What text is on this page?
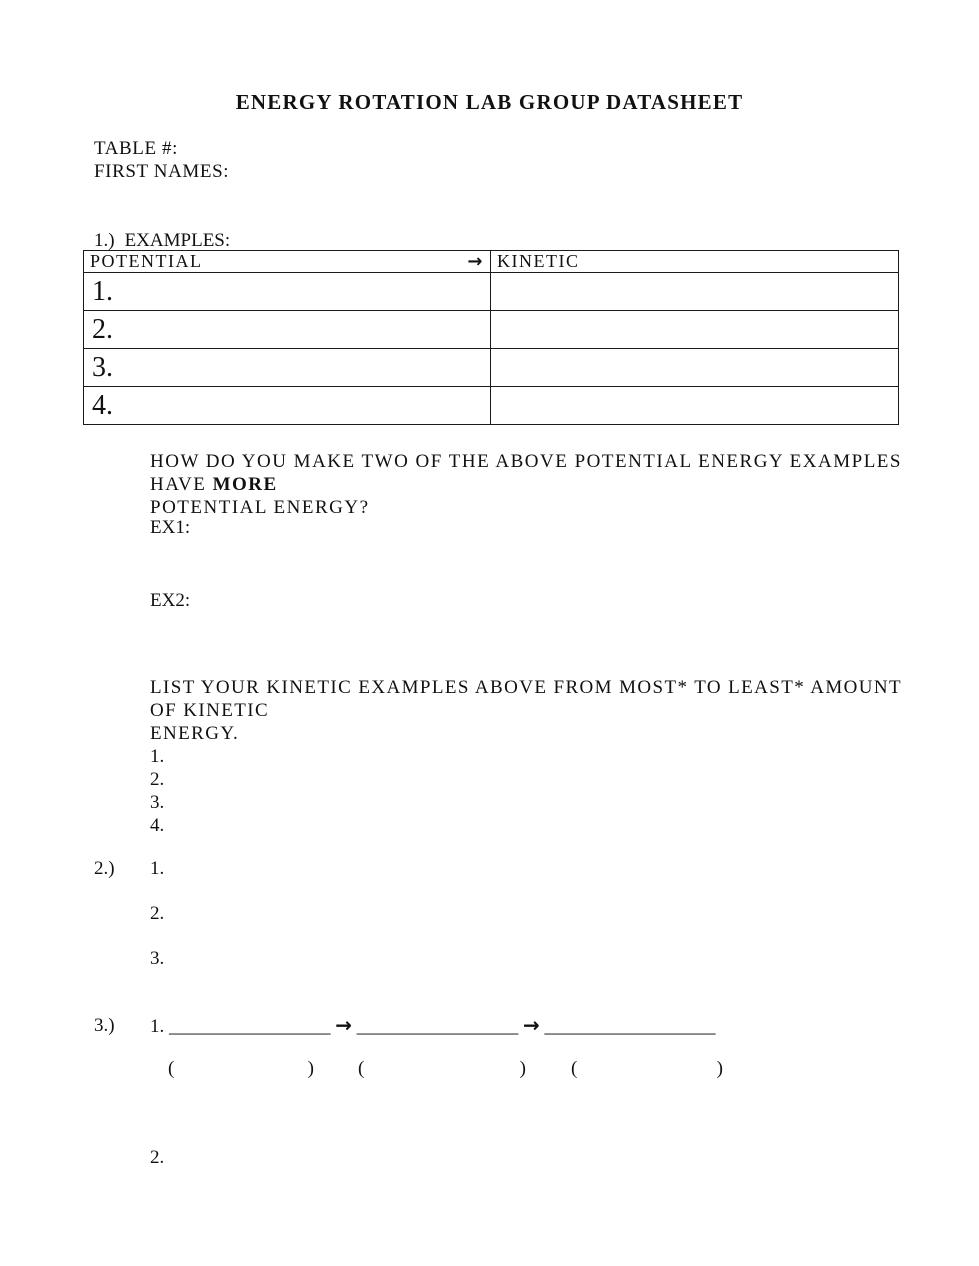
ENERGY ROTATION LAB GROUP DATASHEET
TABLE #:
FIRST NAMES:
1.) EXAMPLES:
POTENTIAL →	KINETIC
1.	
2.	
3.	
4.	
HOW DO YOU MAKE TWO OF THE ABOVE POTENTIAL ENERGY EXAMPLES HAVE MORE
POTENTIAL ENERGY?
EX1:
EX2:
LIST YOUR KINETIC EXAMPLES ABOVE FROM MOST* TO LEAST* AMOUNT OF KINETIC
ENERGY.
1.
2.
3.
4.
2.) 1.
2.
3.
3.) 1. _________________ → _________________ → __________________
(	) (	) (	)
2.
